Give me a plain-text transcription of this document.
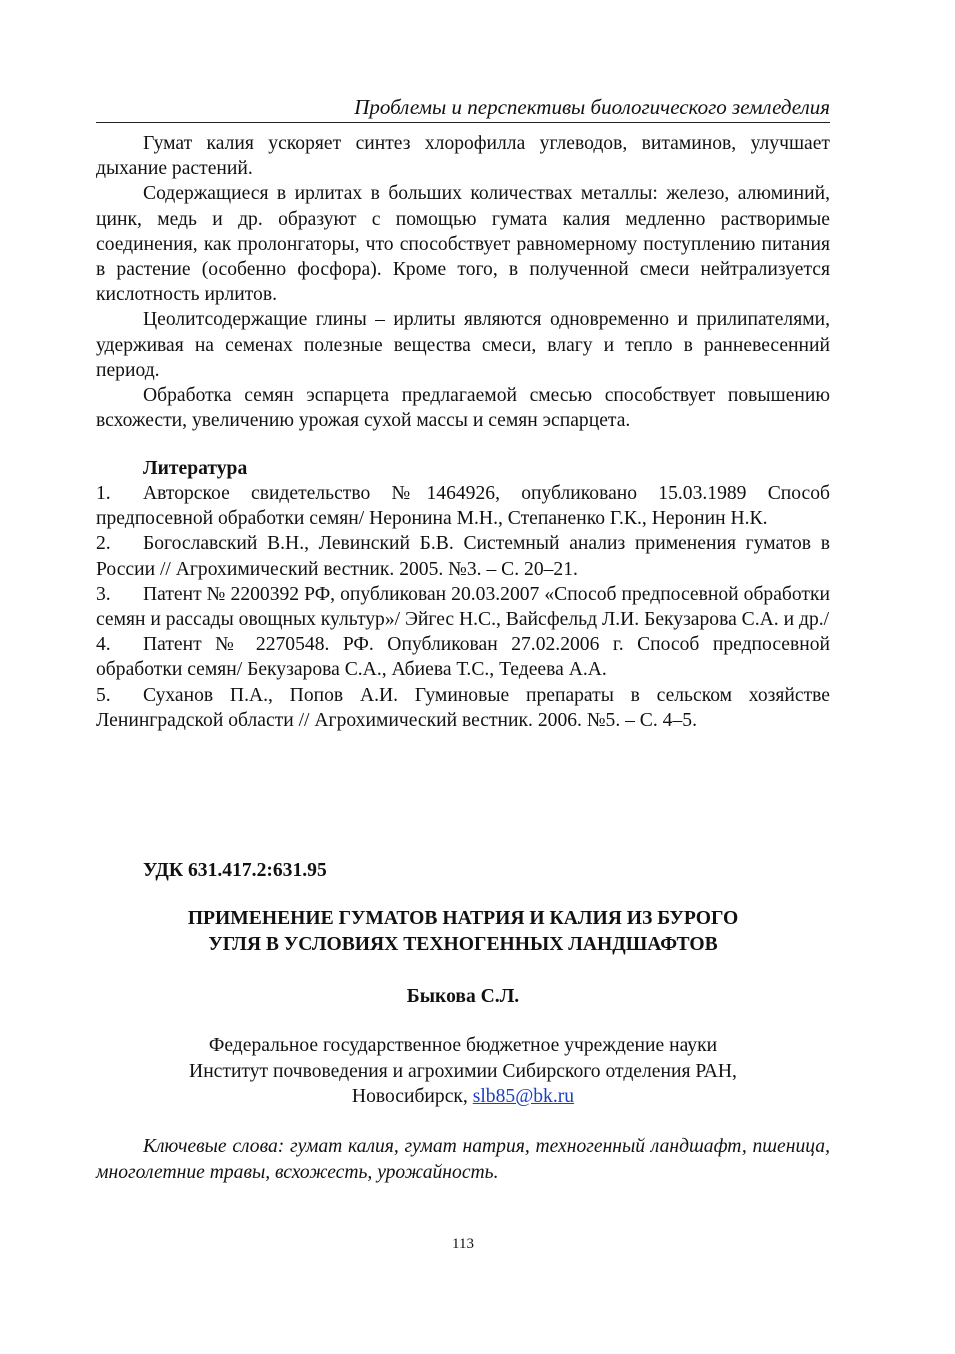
Проблемы и перспективы биологического земледелия

Гумат калия ускоряет синтез хлорофилла углеводов, витаминов, улучшает дыхание растений.

Содержащиеся в ирлитах в больших количествах металлы: железо, алюминий, цинк, медь и др. образуют с помощью гумата калия медленно растворимые соединения, как пролонгаторы, что способствует равномерному поступлению питания в растение (особенно фосфора). Кроме того, в полученной смеси нейтрализуется кислотность ирлитов.

Цеолитсодержащие глины – ирлиты являются одновременно и прилипателями, удерживая на семенах полезные вещества смеси, влагу и тепло в ранневесенний период.

Обработка семян эспарцета предлагаемой смесью способствует повышению всхожести, увеличению урожая сухой массы и семян эспарцета.

Литература

1. Авторское свидетельство №1464926, опубликовано 15.03.1989 Способ предпосевной обработки семян/ Неронина М.Н., Степаненко Г.К., Неронин Н.К.

2. Богославский В.Н., Левинский Б.В. Системный анализ применения гуматов в России // Агрохимический вестник. 2005. №3. – С. 20–21.

3. Патент № 2200392 РФ, опубликован 20.03.2007 «Способ предпосевной обработки семян и рассады овощных культур»/ Эйгес Н.С., Вайсфельд Л.И. Бекузарова С.А. и др./

4. Патент № 2270548. РФ. Опубликован 27.02.2006 г. Способ предпосевной обработки семян/ Бекузарова С.А., Абиева Т.С., Тедеева А.А.

5. Суханов П.А., Попов А.И. Гуминовые препараты в сельском хозяйстве Ленинградской области // Агрохимический вестник. 2006. №5. – С. 4–5.

УДК 631.417.2:631.95
ПРИМЕНЕНИЕ ГУМАТОВ НАТРИЯ И КАЛИЯ ИЗ БУРОГО
УГЛЯ В УСЛОВИЯХ ТЕХНОГЕННЫХ ЛАНДШАФТОВ
Быкова С.Л.
Федеральное государственное бюджетное учреждение науки
Институт почвоведения и агрохимии Сибирского отделения РАН,
Новосибирск, slb85@bk.ru
Ключевые слова: гумат калия, гумат натрия, техногенный ландшафт, пшеница, многолетние травы, всхожесть, урожайность.
113
